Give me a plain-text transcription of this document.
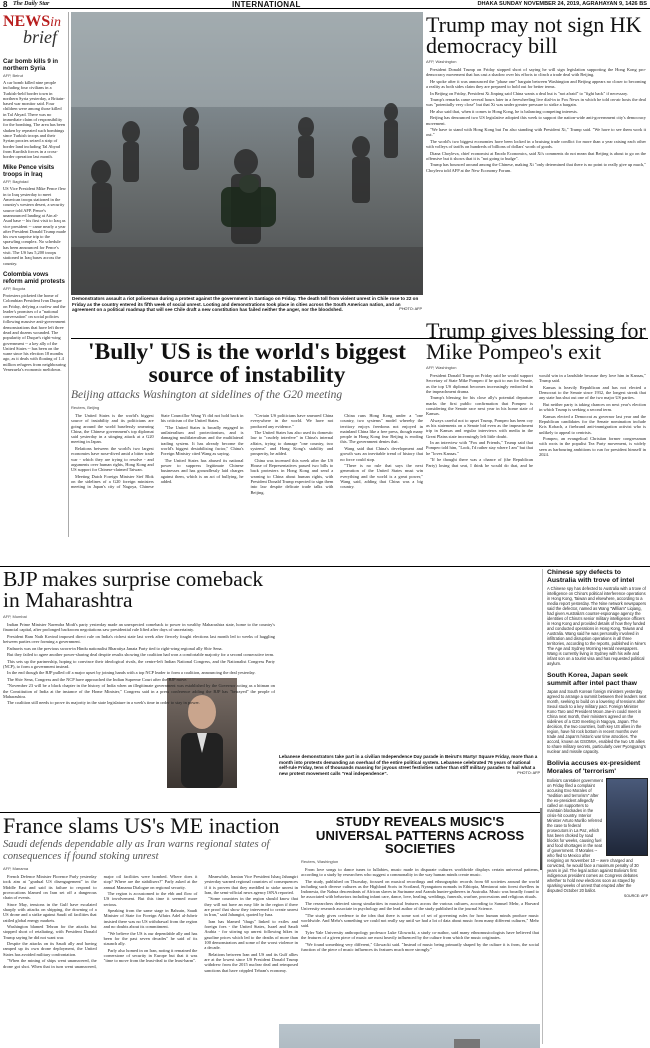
8 The Daily Star	INTERNATIONAL	DHAKA SUNDAY NOVEMBER 24, 2019, AGRAHAYAN 9, 1426 BS
NEWSin
brief
Car bomb kills 9 in northern Syria
AFP, Beirut
A car bomb killed nine people including four civilians in a Turkish-held border town in northern Syria yesterday, a Britain-based war monitor said. Four children were among those killed in Tal Abyad. There was no immediate claim of responsibility for the bombing. The area has been shaken by repeated such bombings since Turkish troops and their Syrian proxies seized a strip of border land including Tal Abyad from Kurdish forces in a cross-border operation last month.
Mike Pence visits troops in Iraq
AFP, Baghdad
US Vice President Mike Pence flew in to Iraq yesterday to meet American troops stationed in the country's western desert, a security source told AFP. Pence's unannounced landing at Ain al-Asad base -- his first visit to Iraq as vice president -- came nearly a year after President Donald Trump made his own surprise trip to the sprawling complex. No schedule has been announced for Pence's visit. The US has 5,200 troops stationed in Iraq bases across the country.
Colombia vows reform amid protests
AFP, Bogota
Protesters picketed the home of Colombian President Ivan Duque on Friday, defying a curfew and the leader's promises of a "national conversation" on social policies following massive anti-government demonstrations that have left three dead and dozens wounded. The popularity of Duque's right-wing government -- a key ally of the United States -- has been on the wane since his election 18 months ago, as it deals with floating of 1.4 million refugees from neighbouring Venezuela's economic meltdown.
Demonstrators assault a riot policeman during a protest against the government in Santiago on Friday. The death toll from violent unrest in Chile rose to 22 on Friday as the country entered its fifth week of social unrest. Looting and demonstrations took place in cities across the South American nation, and an agreement on a political roadmap that will see Chile draft a new constitution has failed neither the anger, nor the bloodshed.	PHOTO: AFP
Trump may not sign HK democracy bill
AFP, Washington

President Donald Trump on Friday stopped short of saying he will sign legislation supporting the Hong Kong pro-democracy movement that has cast a shadow over his efforts to clinch a trade deal with Beijing.

He spoke after it was announced the "phase one" bargain between Washington and Beijing appears no closer to becoming a reality as both sides claim they are prepared to hold out for better terms.

In Beijing on Friday, President Xi Jinping said China wants a deal but is "not afraid" to "fight back" if necessary.

Trump's remarks came several hours later in a freewheeling live dial-in to Fox News in which he told on-air hosts the deal was "potentially very close" but that Xi was under greater pressure to strike a bargain.

He also said that, when it comes to Hong Kong, he is balancing competing interests.

Beijing has denounced two US legislative adopted this week to support the nation-wide anti-government city's democracy movement.

"We have to stand with Hong Kong but I'm also standing with President Xi," Trump said. "We have to see them work it out."

The world's two biggest economies have been locked in a bruising trade conflict for more than a year raising each other with volleys of tariffs on hundreds of billions of dollars' worth of goods.

Diana Choyleva, chief economist at Enodo Economics, said Xi's comments do not mean that Beijing is about to go on the offensive but it shows that it is "not going to budge".

Trump has bounced around among the Chinese, making Xi "only determined that there is no point to really give up much," Choyleva told AFP at the New Economy Forum.

'Bully' US is the world's biggest source of instability
Beijing attacks Washington at sidelines of the G20 meeting
Reuters, Beijing

The United States is the world's biggest source of instability and its politicians are going around the world baselessly smearing China, the Chinese government's top diplomat said yesterday in a stinging attack at a G20 meeting in Japan.

Relations between the world's two largest economies have nose-dived amid a bitter trade war - which they are trying to resolve - and arguments over human rights, Hong Kong and US support for Chinese-claimed Taiwan.

Meeting Dutch Foreign Minister Stef Blok on the sidelines of a G20 foreign ministers meeting in Japan's city of Nagoya, Chinese State Councillor Wang Yi did not hold back in his criticism of the United States.

"The United States is broadly engaged in unilateralism and protectionism, and is damaging multilateralism and the multilateral trading system. It has already become the world's biggest destabilising factor," China's Foreign Ministry cited Wang as saying.

The United States has abused its national power to suppress legitimate Chinese businesses and has groundlessly laid charges against them, which is an act of bullying, he added.

"Certain US politicians have smeared China everywhere in the world. We have not produced any evidence."

The United States has also used its domestic law to "crudely interfere" in China's internal affairs, trying to damage "one country, two systems" and Hong Kong's stability and prosperity, he added.

China was incensed this week after the US House of Representatives passed two bills to back protesters in Hong Kong and send a warning to China about human rights, with President Donald Trump expected to sign them into law despite delicate trade talks with Beijing.

China runs Hong Kong under a "one country, two systems" model whereby the territory enjoys freedoms not enjoyed in mainland China like a free press, though many people in Hong Kong fear Beijing is eroding this. The government denies that.

Wang said that China's development and growth was an inevitable trend of history that no force could stop.

"There is no rule that says the next generation of the United States must win everything and the world is a great power," Wang said, adding that China was a big country.

Trump gives blessing for Mike Pompeo's exit
AFP, Washington

President Donald Trump on Friday said he would support Secretary of State Mike Pompeo if he quit to run for Senate, as the top US diplomat becomes increasingly embroiled in the impeachment drama.

Trump's blessing for his close ally's potential departure marks the first public confirmation that Pompeo is considering the Senate race next year in his home state of Kansas.

Always careful not to upset Trump, Pompeo has been coy as his statements on a Senate bid even as the impeachment trip in Kansas and regular interviews with media in the Great Plains state increasingly left little doubt.

In an interview with "Fox and Friends," Trump said that Pompeo told him, "Look, I'd rather stay where I am" but that he "loves Kansas."

"If he thought there was a chance of (the Republican Party) losing that seat, I think he would do that, and he would win in a landslide because they love him in Kansas," Trump said.

Kansas is heavily Republican and has not elected a Democrat to the Senate since 1932, the longest streak that any state has shut out one of the two major US parties.

But neither party is taking chances on next year's election in which Trump is seeking a second term.

Kansas elected a Democrat as governor last year and the Republican candidates for the Senate nomination include Kris Kobach, a firebrand anti-immigration activist who is unlikely to appeal to centrists.

Pompeo, an evangelical Christian former congressman with roots in the populist Tea Party movement, is widely seen as harbouring ambitions to run for president himself in 2024.

BJP makes surprise comeback in Maharashtra
AFP, Mumbai

Indian Prime Minister Narendra Modi's party yesterday made an unexpected comeback to power in wealthy Maharashtra state, home to the country's financial capital, after prolonged backroom negotiations saw presidential rule lifted after days of uncertainty.

President Ram Nath Kovind imposed direct rule on India's richest state last week after fiercely fought elections last month led to weeks of haggling between parties over forming a government.

Fadnavis was on the previous sworn-in Hindu nationalist Bharatiya Janata Party tied to right-wing regional ally Shiv Sena.

But they failed to agree another power-sharing deal despite results showing the coalition had won a comfortable majority for a second consecutive term.

This sets up the partnership, hoping to convince their ideological rivals, the centre-left Indian National Congress, and the Nationalist Congress Party (NCP), to form a government instead.

In the end though the BJP pulled off a major upset by joining hands with a top NCP leader to form a coalition, announcing the deal yesterday.

The Shiv Sena, Congress and the NCP have approached the Indian Supreme Court after the BJP move.

"November 23 will be a black chapter in the history of India when an illegitimate government was established by the Governor acting as a hitman on the Constitution of India at the instance of the Home Minister," Congress said in a press conference adding the BJP has "betrayed" the people of Maharashtra.

The coalition still needs to prove its majority in the state legislature in a week's time in order to stay in power.

Lebanese demonstrators take part in a civilian Independence Day parade in Beirut's Martyr Square Friday, more than a month into protests demanding an overhaul of the entire political system. Lebanese celebrated 76 years of national self-rule Friday, tens of thousands massing for joyous street festivities rather than stiff military parades to hail what a new protest movement calls "real independence".	PHOTO: AFP
Chinese spy defects to Australia with trove of intel
A Chinese spy has defected to Australia with a trove of intelligence on China's political interference operations in Hong Kong, Taiwan and elsewhere, according to a media report yesterday. The Nine network newspapers said the defector, named as Wang "William" Liqiang, had given Australia's counter-espionage agency the identities of China's senior military intelligence officers in Hong Kong and provided details of how they funded and conducted operations in Hong Kong, Taiwan and Australia. Wang said he was personally involved in infiltration and disruption operations in all three territories, according to the reports, published in Nine's The Age and Sydney Morning Herald newspapers. Wang is currently living in Sydney with his wife and infant son on a tourist visa and has requested political asylum.
South Korea, Japan seek summit after intel pact thaw
Japan and South Korean foreign ministers yesterday agreed to arrange a summit between their leaders next month, seeking to build on a lowering of tensions after Seoul stuck to a key military pact. Foreign Minister Kono Taro and President Moon Jae-in could meet in China next month, their ministers agreed on the sidelines of a G20 meeting in Nagoya, Japan. The decision, the two countries, both key US allies in the region, have hit rock bottom in recent months over trade and Japan's historic war time atrocities. The accord, known as GSOMIA, enabled the two US allies to share military secrets, particularly over Pyongyang's nuclear and missile capacity.
Bolivia accuses ex-president Morales of 'terrorism'
Bolivia's caretaker government on Friday filed a complaint accusing Evo Morales of "sedition and terrorism" after the ex-president allegedly called on supporters to maintain blockades in the crisis-hit country. Interior Minister Arturo Murillo referred the case to federal prosecutors in La Paz, which has been choked by road blocks for weeks, causing fuel and food shortages in the seat of government. If Morales -- who fled to Mexico after resigning on November 10 -- were charged and convicted, he would face a maximum penalty of 30 years in jail. The legal action against Bolivia's first indigenous president comes as Congress debates whether to hold new elections soon as stayed by sparking weeks of unrest that erupted after the disputed October 20 ballot.
SOURCE: AFP
France slams US's ME inaction
Saudi defends dependable ally as Iran warns regional states of consequences if found stoking unrest
AFP, Manama

French Defence Minister Florence Parly yesterday took aim at "gradual US disengagement" in the Middle East and said its failure to respond to provocations blamed on Iran set off a dangerous chain of events.

Since May, tensions in the Gulf have escalated sharply with attacks on shipping, the downing of a US drone and a strike against Saudi oil facilities that rattled global energy markets.

Washington blamed Tehran for the attacks but stopped short of retaliating, with President Donald Trump saying he did not want war.

Despite the attacks on its Saudi ally and having ramped up its own drone deployment, the United States has avoided military confrontation.

"When the mining of ships went unanswered, the drone got shot. When that in turn went unanswered, major oil facilities were bombed. Where does it stop? Where are the stabilisers?" Parly asked at the annual Manama Dialogue on regional security.

The region is accustomed to the ebb and flow of US involvement. But this time it seemed more serious.

Speaking from the same stage in Bahrain, Saudi Minister of State for Foreign Affairs Adel al-Jubeir insisted there was no US withdrawal from the region and no doubts about its commitment.

"We believe the US is our dependable ally and has been for the past seven decades" he said of its staunch ally.

Parly also homed in on Iran, noting it remained the cornerstone of security in Europe but that it was "time to move from the least-deal to the least-harm".

Meanwhile, Iranian Vice President Ishaq Jahangiri yesterday warned regional countries of consequences if it is proven that they meddled to stoke unrest in Iran, the semi-official news agency ISNA reported.

"Some countries in the region should know that they will not have an easy life in the region if there are proof that show they intervened to create unrest in Iran," said Jahangiri, quoted by Isna.

Iran has blamed "thugs" linked to exiles and foreign foes - the United States, Israel and Saudi Arabia - for stirring up unrest following hikes in gasoline prices which led to the deaths of more than 100 demonstrators and some of the worst violence in a decade.

Relations between Iran and US and its Gulf allies are at the lowest since US President Donald Trump withdrew from the 2015 nuclear deal and reimposed sanctions that have crippled Tehran's economy.

STUDY REVEALS MUSIC'S UNIVERSAL PATTERNS ACROSS SOCIETIES
Reuters, Washington

From love songs to dance tunes to lullabies, music made in disparate cultures worldwide displays certain universal patterns, according to a study by researchers who suggest a commonality in the way human minds create music.

The study, published on Thursday, focused on musical recordings and ethnographic records from 60 societies around the world including such diverse cultures as the Highland Scots in Scotland, Nyangatom nomads in Ethiopia, Mentawai rain forest dwellers in Indonesia, the Nahua descendants of African slaves in Suriname and Aranda hunter-gatherers in Australia. Music was broadly found to be associated with behaviors including infant care, dance, love, healing, weddings, funerals, warfare, processions and religious rituals.

The researchers detected strong similarities in musical features across the various cultures, according to Samuel Mehr, a Harvard University research associate in psychology and the lead author of the study published in the journal Science.

"The study gives credence to the idea that there is some sort of set of governing rules for how human minds produce music worldwide. And Mehr's something we could not really say until we had a lot of data about music from many different cultures," Mehr said.

Tyler Yale University anthropology professor Luke Glowacki, a study co-author, said many ethnomusicologists have believed that the features of a given piece of music are most heavily influenced by the culture from which the music originates.

"We found something very different," Glowacki said. "Instead of music being primarily shaped by the culture it is from, the social function of the piece of music influences its features much more strongly."
